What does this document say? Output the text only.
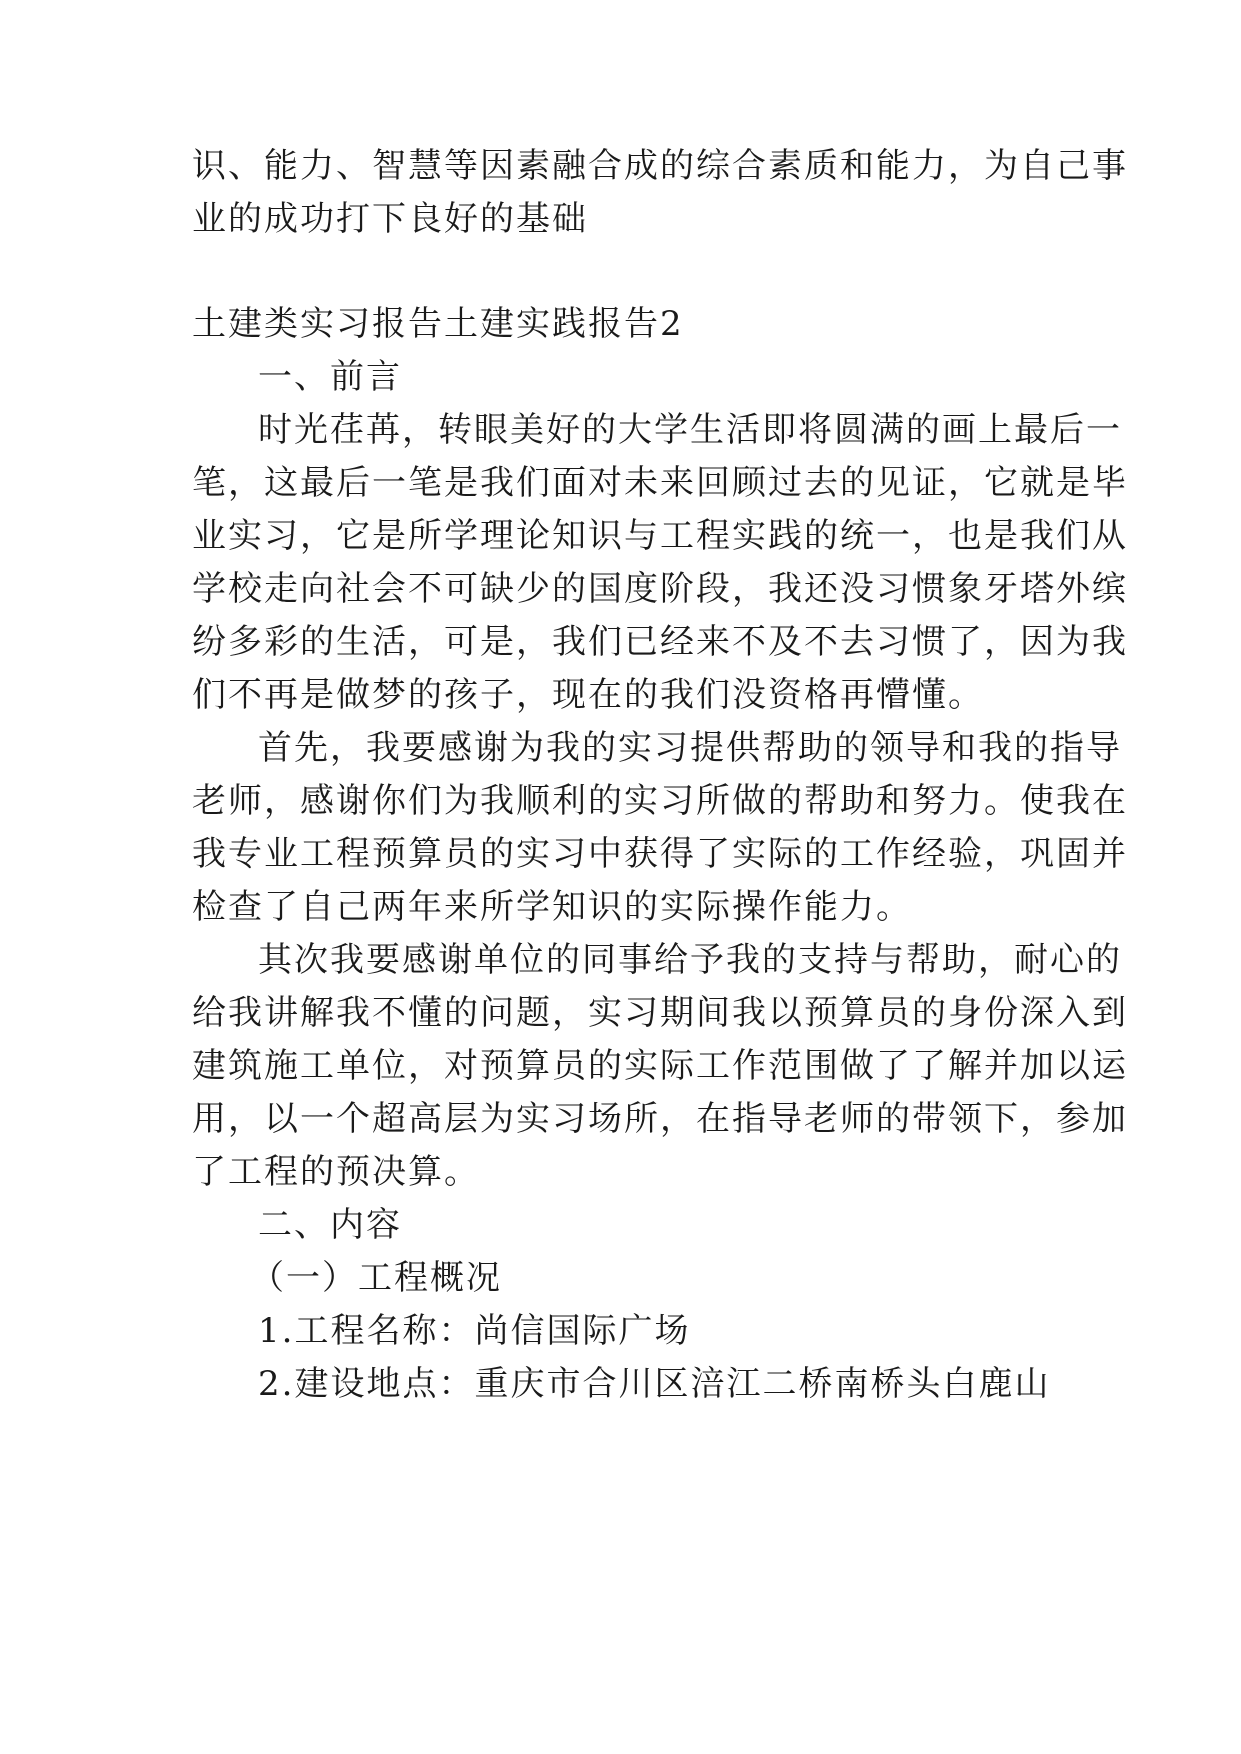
识、能力、智慧等因素融合成的综合素质和能力，为自己事
业的成功打下良好的基础
土建类实习报告土建实践报告2
一、前言
时光荏苒，转眼美好的大学生活即将圆满的画上最后一
笔，这最后一笔是我们面对未来回顾过去的见证，它就是毕
业实习，它是所学理论知识与工程实践的统一，也是我们从
学校走向社会不可缺少的国度阶段，我还没习惯象牙塔外缤
纷多彩的生活，可是，我们已经来不及不去习惯了，因为我
们不再是做梦的孩子，现在的我们没资格再懵懂。
首先，我要感谢为我的实习提供帮助的领导和我的指导
老师，感谢你们为我顺利的实习所做的帮助和努力。使我在
我专业工程预算员的实习中获得了实际的工作经验，巩固并
检查了自己两年来所学知识的实际操作能力。
其次我要感谢单位的同事给予我的支持与帮助，耐心的
给我讲解我不懂的问题，实习期间我以预算员的身份深入到
建筑施工单位，对预算员的实际工作范围做了了解并加以运
用，以一个超高层为实习场所，在指导老师的带领下，参加
了工程的预决算。
二、内容
（一）工程概况
1.工程名称：尚信国际广场
2.建设地点：重庆市合川区涪江二桥南桥头白鹿山
